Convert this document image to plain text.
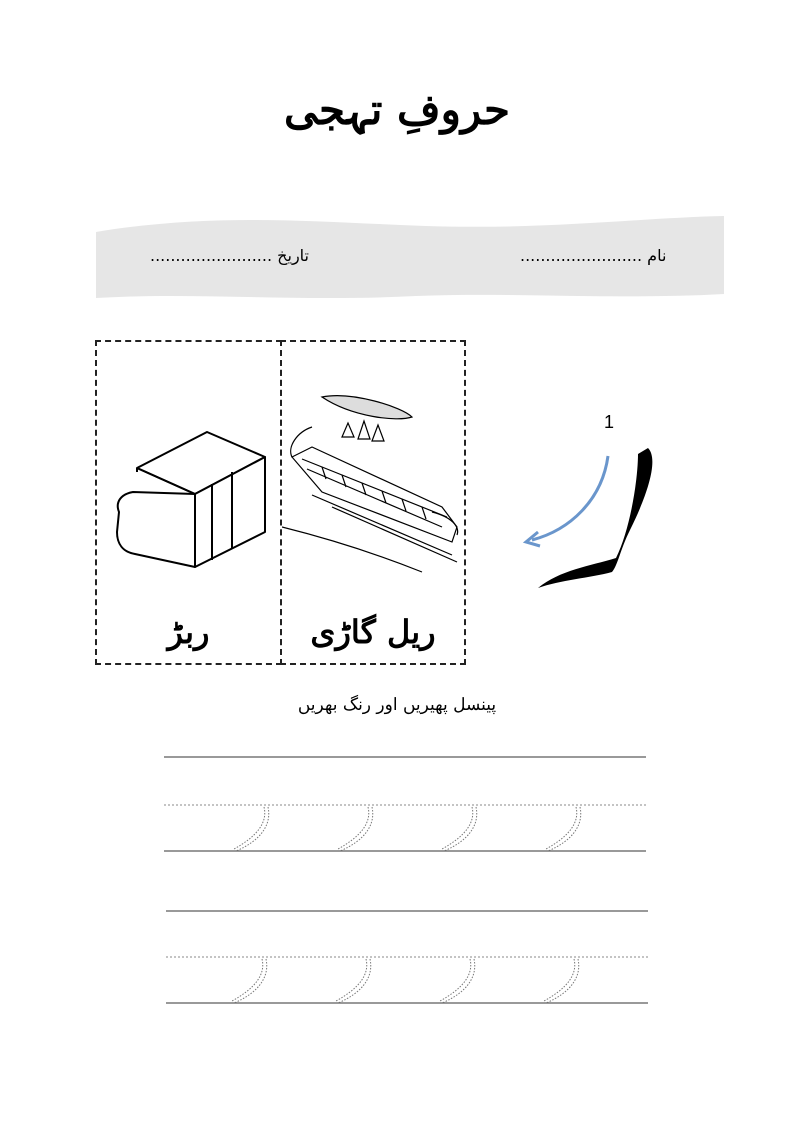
حروفِ تہجی
نام ........................
تاریخ ........................
ربڑ	ریل گاڑی
1
پینسل پھیریں اور رنگ بھریں
